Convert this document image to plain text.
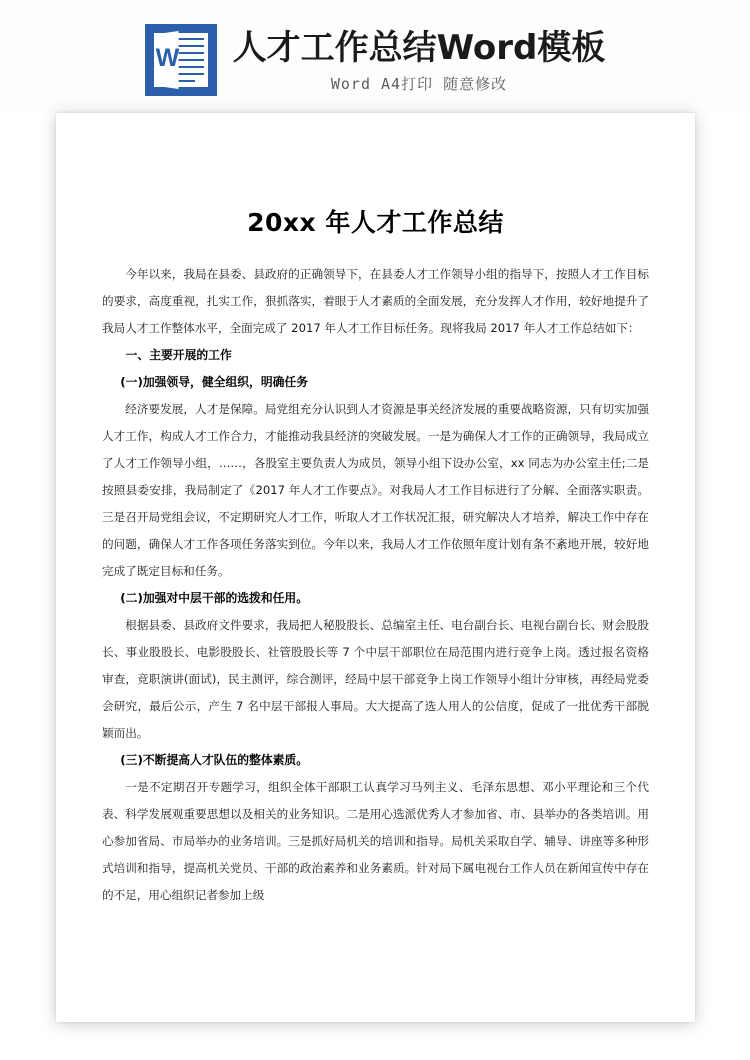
W 人才工作总结Word模板
Word A4打印 随意修改
20xx 年人才工作总结

今年以来，我局在县委、县政府的正确领导下，在县委人才工作领导小组的指导下，按照人才工作目标的要求，高度重视，扎实工作，狠抓落实，着眼于人才素质的全面发展，充分发挥人才作用，较好地提升了我局人才工作整体水平，全面完成了 2017 年人才工作目标任务。现将我局 2017 年人才工作总结如下：

一、主要开展的工作

(一)加强领导，健全组织，明确任务

经济要发展，人才是保障。局党组充分认识到人才资源是事关经济发展的重要战略资源，只有切实加强人才工作，构成人才工作合力，才能推动我县经济的突破发展。一是为确保人才工作的正确领导，我局成立了人才工作领导小组，……，各股室主要负责人为成员，领导小组下设办公室，xx 同志为办公室主任;二是按照县委安排，我局制定了《2017 年人才工作要点》。对我局人才工作目标进行了分解、全面落实职责。三是召开局党组会议，不定期研究人才工作，听取人才工作状况汇报，研究解决人才培养，解决工作中存在的问题，确保人才工作各项任务落实到位。今年以来，我局人才工作依照年度计划有条不紊地开展，较好地完成了既定目标和任务。

(二)加强对中层干部的选拨和任用。

根据县委、县政府文件要求，我局把人秘股股长、总编室主任、电台副台长、电视台副台长、财会股股长、事业股股长、电影股股长、社管股股长等 7 个中层干部职位在局范围内进行竞争上岗。透过报名资格审查，竞职演讲(面试)，民主测评，综合测评，经局中层干部竞争上岗工作领导小组计分审核，再经局党委会研究，最后公示，产生 7 名中层干部报人事局。大大提高了选人用人的公信度，促成了一批优秀干部脱颖而出。

(三)不断提高人才队伍的整体素质。

一是不定期召开专题学习，组织全体干部职工认真学习马列主义、毛泽东思想、邓小平理论和三个代表、科学发展观重要思想以及相关的业务知识。二是用心选派优秀人才参加省、市、县举办的各类培训。用心参加省局、市局举办的业务培训。三是抓好局机关的培训和指导。局机关采取自学、辅导、讲座等多种形式培训和指导，提高机关党员、干部的政治素养和业务素质。针对局下属电视台工作人员在新闻宣传中存在的不足，用心组织记者参加上级
